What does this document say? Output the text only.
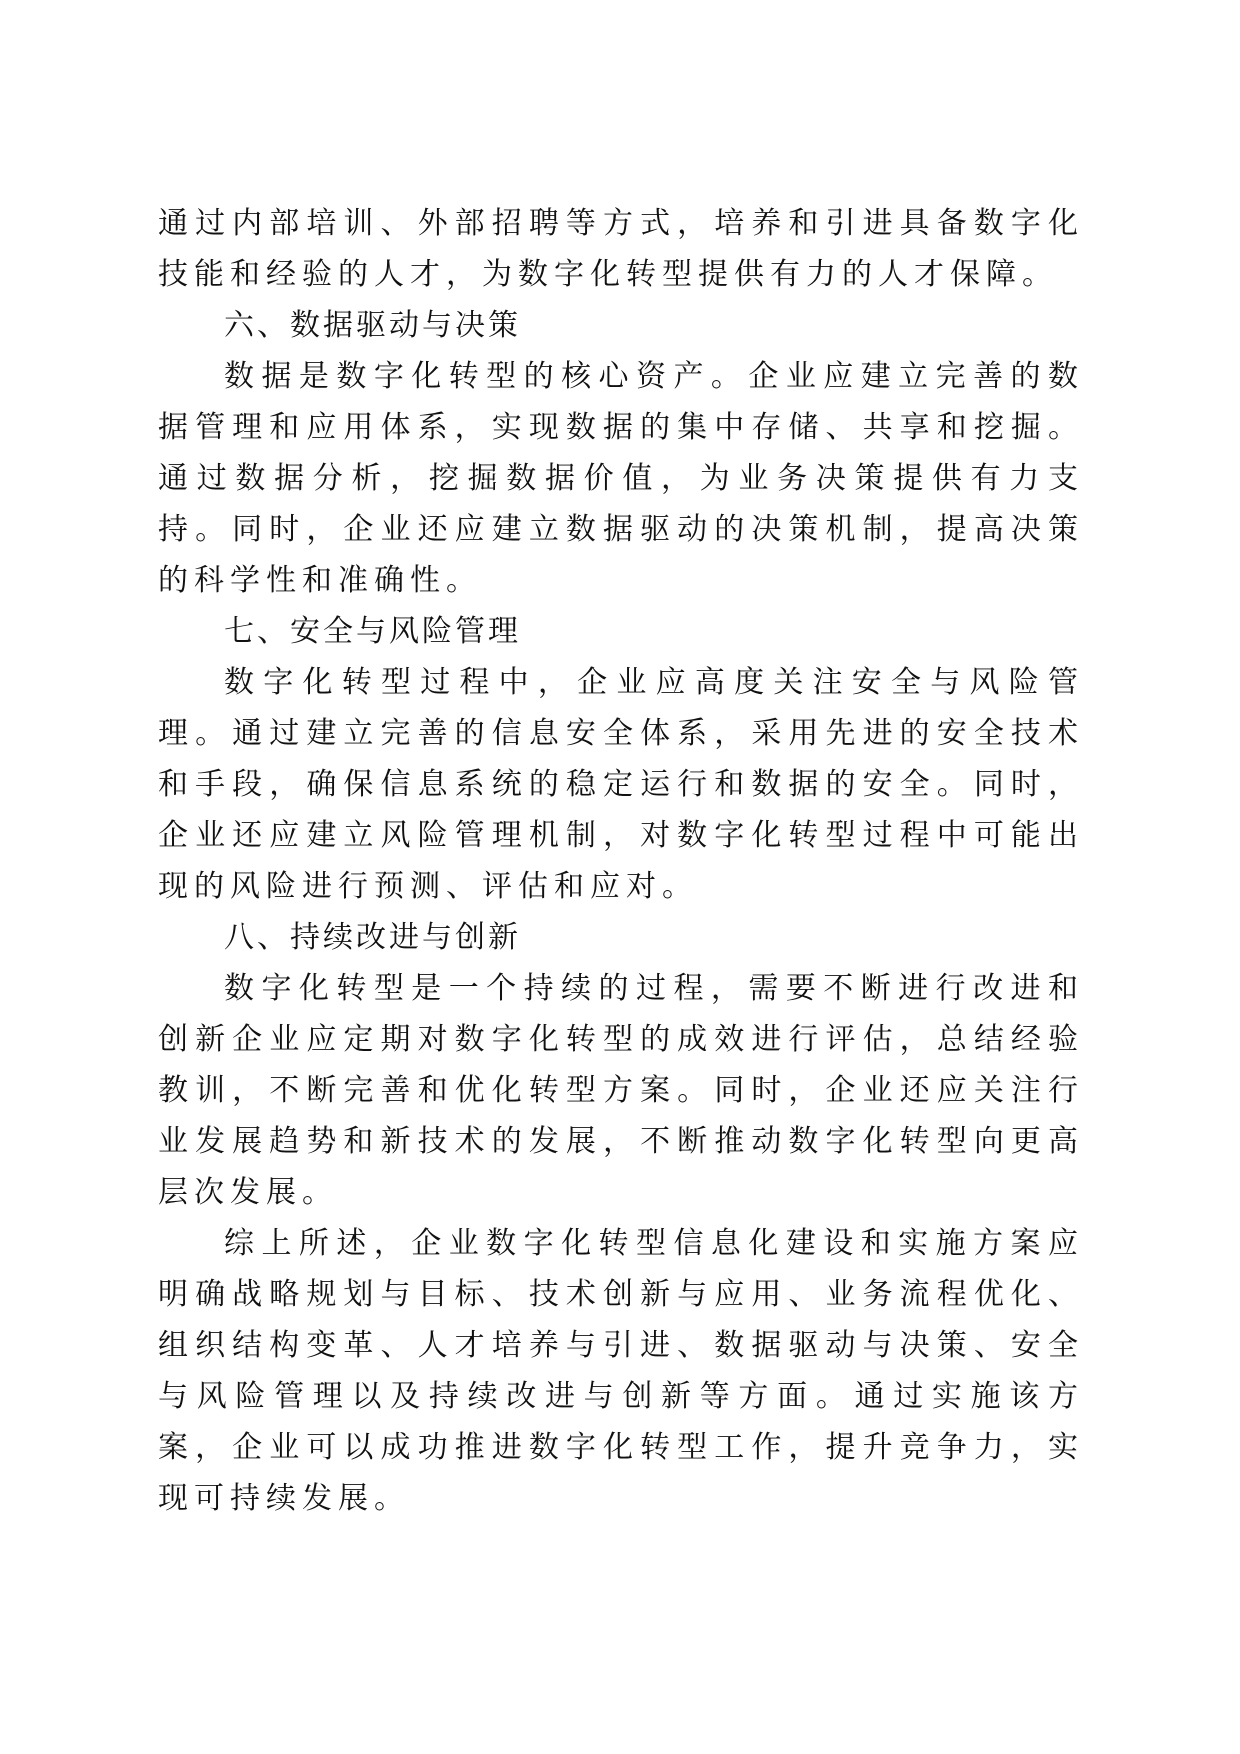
通过内部培训、外部招聘等方式，培养和引进具备数字化技能和经验的人才，为数字化转型提供有力的人才保障。

六、数据驱动与决策

数据是数字化转型的核心资产。企业应建立完善的数据管理和应用体系，实现数据的集中存储、共享和挖掘。通过数据分析，挖掘数据价值，为业务决策提供有力支持。同时，企业还应建立数据驱动的决策机制，提高决策的科学性和准确性。

七、安全与风险管理

数字化转型过程中，企业应高度关注安全与风险管理。通过建立完善的信息安全体系，采用先进的安全技术和手段，确保信息系统的稳定运行和数据的安全。同时，企业还应建立风险管理机制，对数字化转型过程中可能出现的风险进行预测、评估和应对。

八、持续改进与创新

数字化转型是一个持续的过程，需要不断进行改进和创新企业应定期对数字化转型的成效进行评估，总结经验教训，不断完善和优化转型方案。同时，企业还应关注行业发展趋势和新技术的发展，不断推动数字化转型向更高层次发展。

综上所述，企业数字化转型信息化建设和实施方案应明确战略规划与目标、技术创新与应用、业务流程优化、组织结构变革、人才培养与引进、数据驱动与决策、安全与风险管理以及持续改进与创新等方面。通过实施该方案，企业可以成功推进数字化转型工作，提升竞争力，实现可持续发展。
